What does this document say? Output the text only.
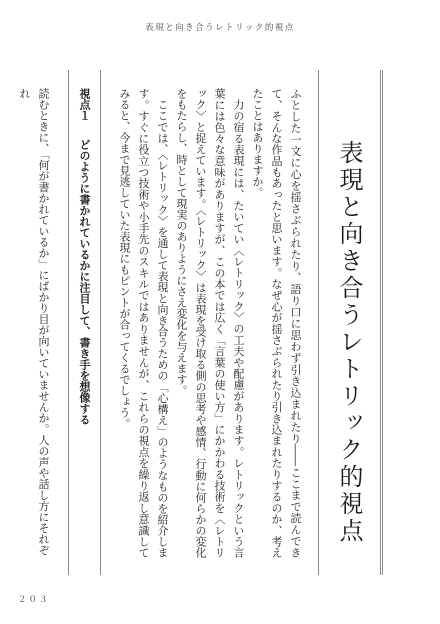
表現と向き合うレトリック的視点
表現と向き合うレトリック的視点

ふとした一文に心を揺さぶられたり、語り口に思わず引き込まれたり――ここまで読んできて、そんな作品もあったと思います。なぜ心が揺さぶられたり引き込まれたりするのか、考えたことはありますか。

力の宿る表現には、たいてい〈レトリック〉の工夫や配慮があります。レトリックという言葉には色々な意味がありますが、この本では広く「言葉の使い方」にかかわる技術を〈レトリック〉と捉えています。〈レトリック〉は表現を受け取る側の思考や感情、行動に何らかの変化をもたらし、時として現実のありようにさえ変化を与えます。

ここでは、〈レトリック〉を通して表現と向き合うための「心構え」のようなものを紹介します。すぐに役立つ技術や小手先のスキルではありませんが、これらの視点を繰り返し意識してみると、今まで見逃していた表現にもピントが合ってくるでしょう。

視点１　どのように書かれているかに注目して、書き手を想像する

読むときに、「何が書かれているか」にばかり目が向いていませんか。人の声や話し方にそれぞれ

２０３
